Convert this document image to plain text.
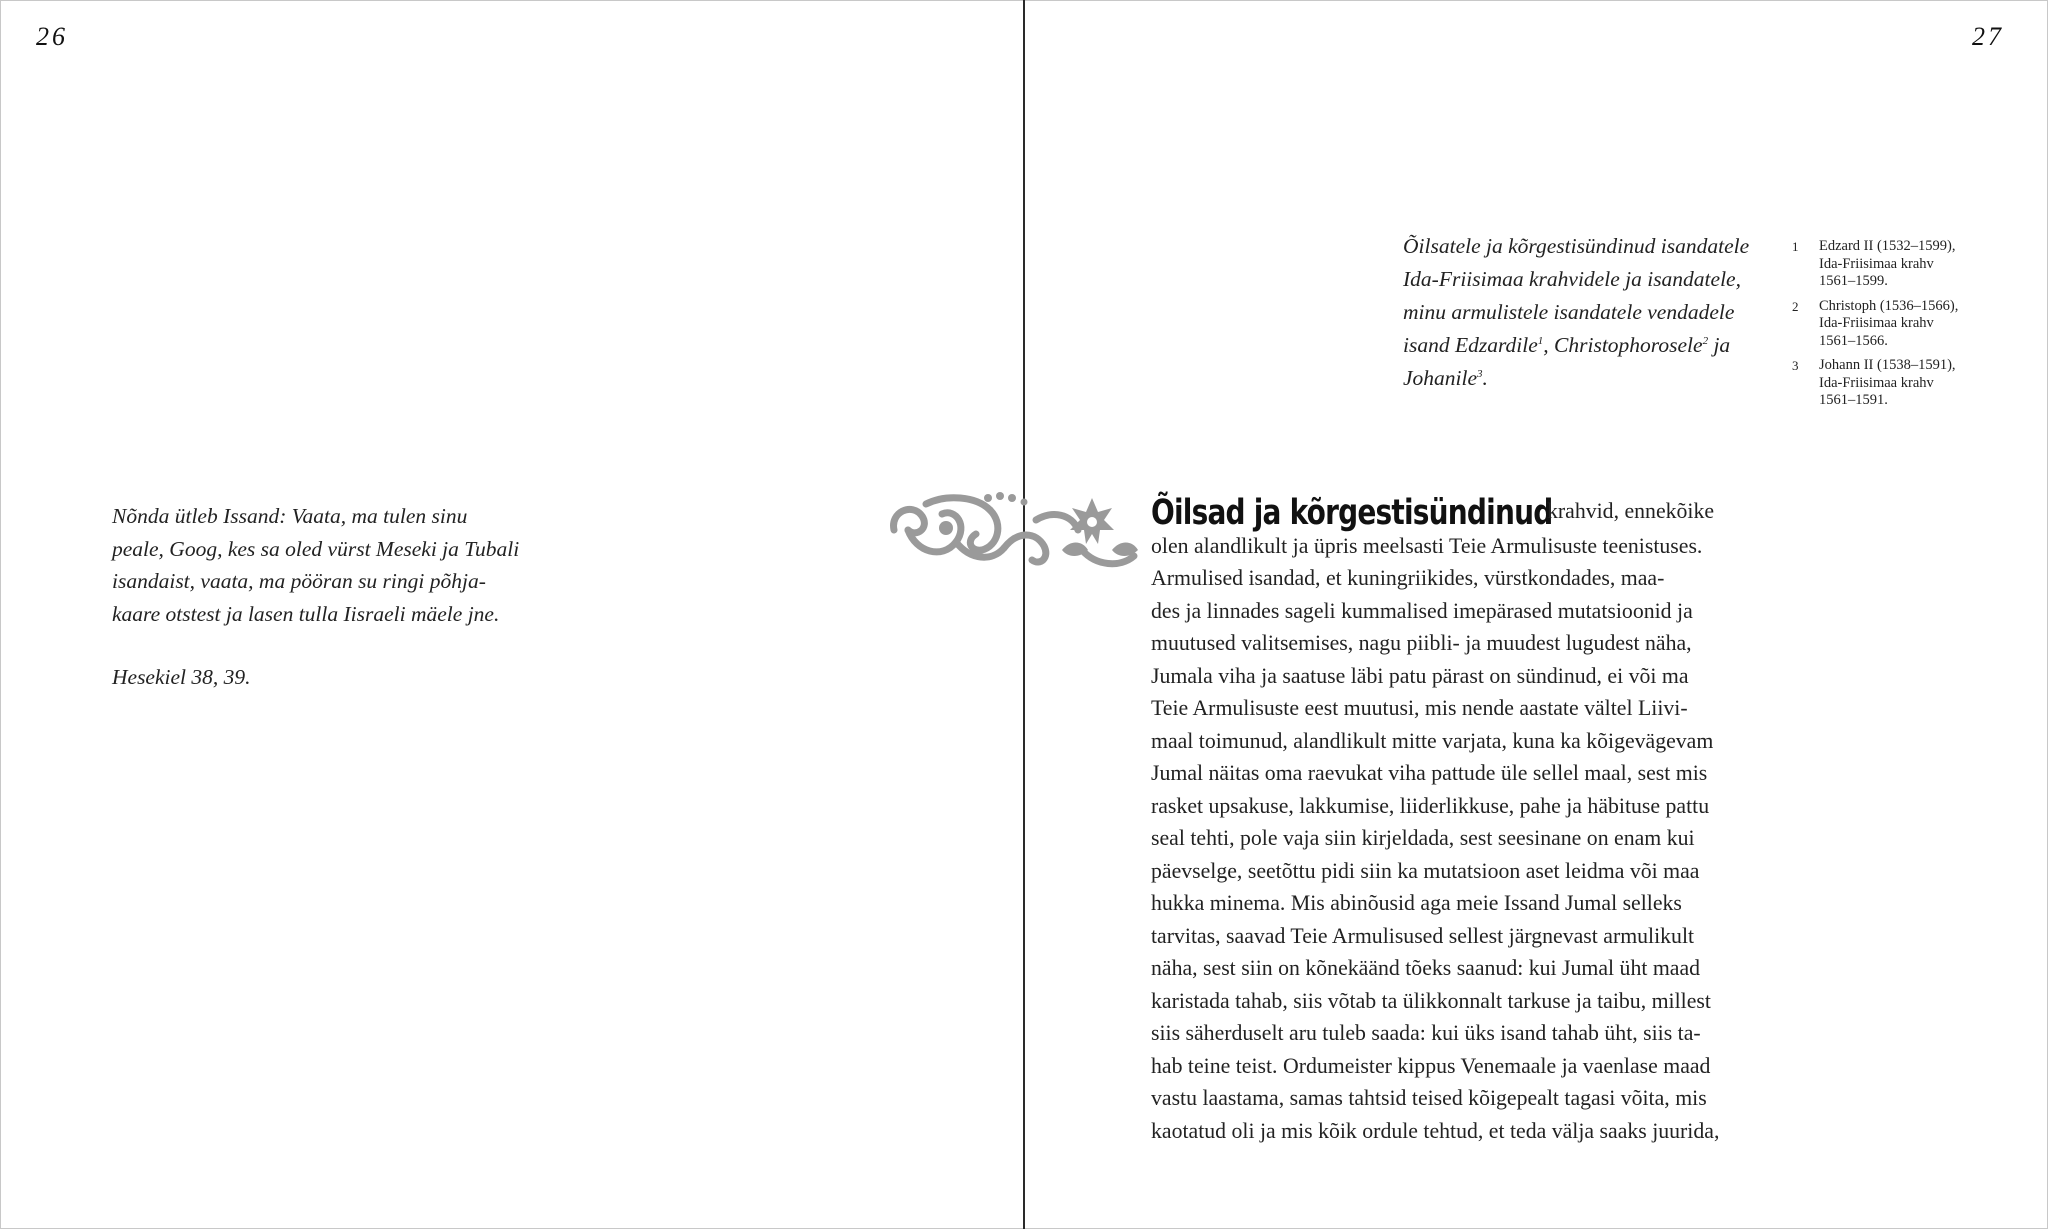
26	27
Nõnda ütleb Issand: Vaata, ma tulen sinu
peale, Goog, kes sa oled vürst Meseki ja Tubali
isandaist, vaata, ma pööran su ringi põhja-
kaare otstest ja lasen tulla Iisraeli mäele jne.
Hesekiel 38, 39.
Õilsatele ja kõrgestisündinud isandatele
Ida-Friisimaa krahvidele ja isandatele,
minu armulistele isandatele vendadele
isand Edzardile$^1$, Christophorosele$^2$ ja
Johanile$^3$.
1 Edzard II (1532–1599),
Ida-Friisimaa krahv
1561–1599.
2 Christoph (1536–1566),
Ida-Friisimaa krahv
1561–1566.
3 Johann II (1538–1591),
Ida-Friisimaa krahv
1561–1591.
Õilsad ja kõrgestisündinud
krahvid, ennekõike
olen alandlikult ja üpris meelsasti Teie Armulisuste teenistuses.
Armulised isandad, et kuningriikides, vürstkondades, maa-
des ja linnades sageli kummalised imepärased mutatsioonid ja
muutused valitsemises, nagu piibli- ja muudest lugudest näha,
Jumala viha ja saatuse läbi patu pärast on sündinud, ei või ma
Teie Armulisuste eest muutusi, mis nende aastate vältel Liivi-
maal toimunud, alandlikult mitte varjata, kuna ka kõigevägevam
Jumal näitas oma raevukat viha pattude üle sellel maal, sest mis
rasket upsakuse, lakkumise, liiderlikkuse, pahe ja häbituse pattu
seal tehti, pole vaja siin kirjeldada, sest seesinane on enam kui
päevselge, seetõttu pidi siin ka mutatsioon aset leidma või maa
hukka minema. Mis abinõusid aga meie Issand Jumal selleks
tarvitas, saavad Teie Armulisused sellest järgnevast armulikult
näha, sest siin on kõnekäänd tõeks saanud: kui Jumal üht maad
karistada tahab, siis võtab ta ülikkonnalt tarkuse ja taibu, millest
siis säherduselt aru tuleb saada: kui üks isand tahab üht, siis ta-
hab teine teist. Ordumeister kippus Venemaale ja vaenlase maad
vastu laastama, samas tahtsid teised kõigepealt tagasi võita, mis
kaotatud oli ja mis kõik ordule tehtud, et teda välja saaks juurida,
